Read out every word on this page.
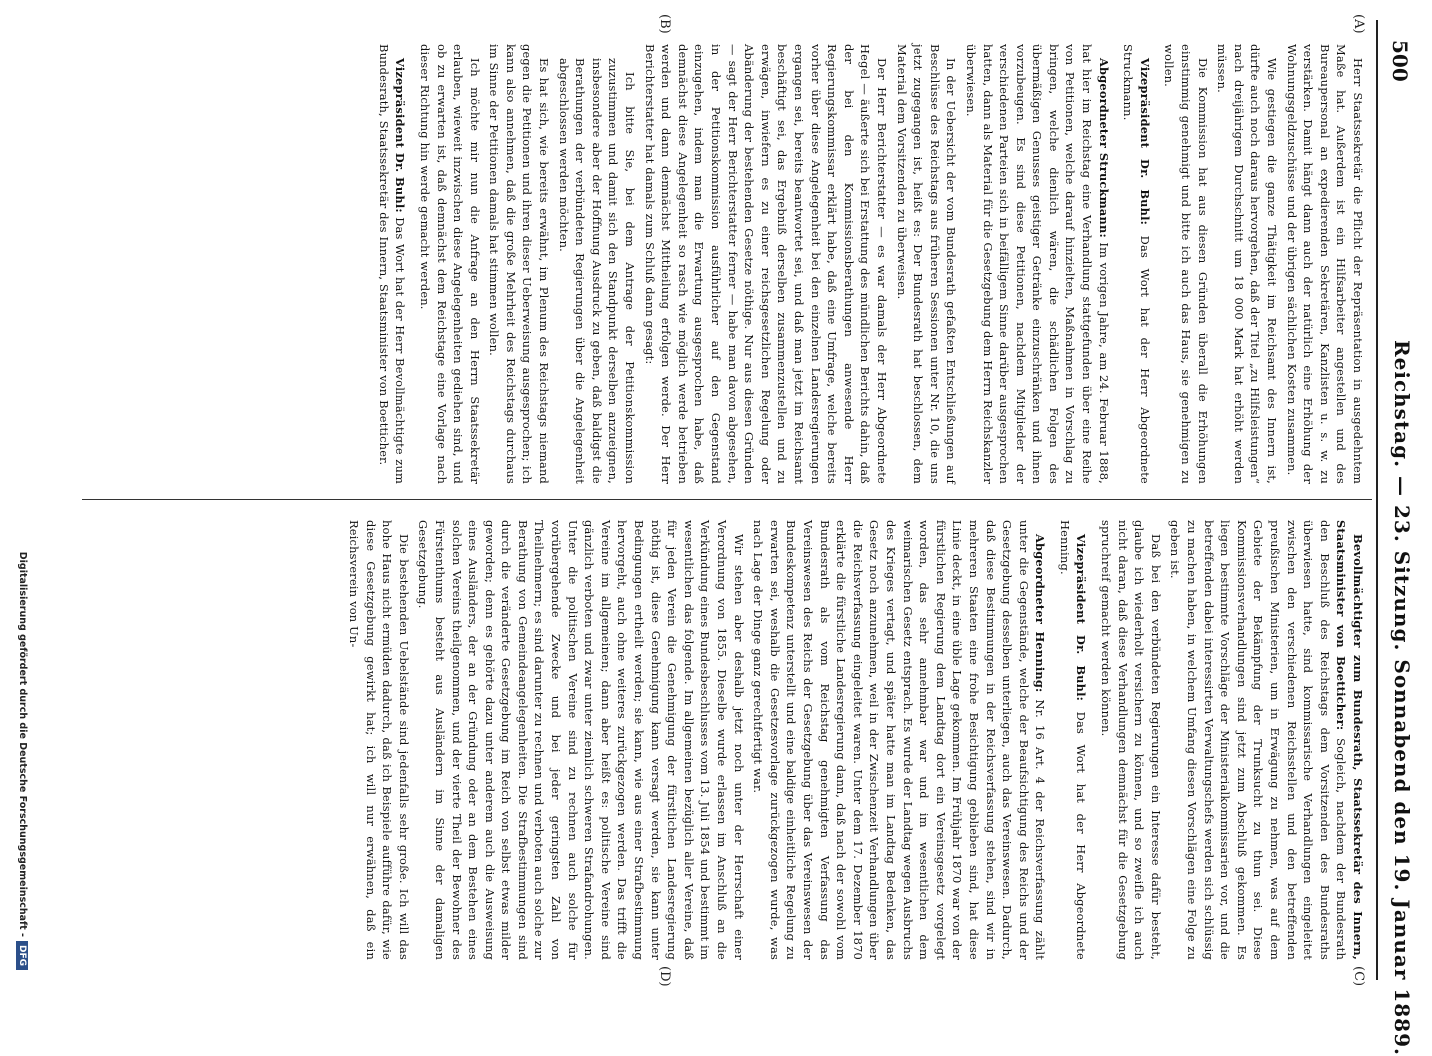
500
Reichstag. — 23. Sitzung. Sonnabend den 19. Januar 1889.
(A)
(B)
(C)
(D)

Herr Staatssekretär die Pflicht der Repräsentation in ausgedehntem Maße hat. Außerdem ist ein Hilfsarbeiter angestellen und des Bureaupersonal an expedierenden Sekretären, Kanzlisten u. s. w. zu verstärken. Damit hängt dann auch der natürlich eine Erhöhung der Wohnungsgeldzuschüsse und der übrigen sächlichen Kosten zusammen.

Wie gestiegen die ganze Thätigkeit im Reichsamt des Innern ist, dürfte auch noch daraus hervorgehen, daß der Titel „zu Hilfsleistungen“ nach dreijährigem Durchschnitt um 18 000 Mark hat erhöht werden müssen.

Die Kommission hat aus diesen Gründen überall die Erhöhungen einstimmig genehmigt und bitte ich auch das Haus, sie genehmigen zu wollen.

Vizepräsident Dr. Buhl: Das Wort hat der Herr Abgeordnete Struckmann.

Abgeordneter Struckmann: Im vorigen Jahre, am 24. Februar 1888, hat hier im Reichstag eine Verhandlung stattgefunden über eine Reihe von Petitionen, welche darauf hinzielten, Maßnahmen in Vorschlag zu bringen, welche dienlich wären, die schädlichen Folgen des übermäßigen Genusses geistiger Getränke einzuschränken und ihnen vorzubeugen. Es sind diese Petitionen, nachdem Mitglieder der verschiedenen Parteien sich in beifälligem Sinne darüber ausgesprochen hatten, dann als Material für die Gesetzgebung dem Herrn Reichskanzler überwiesen.

In der Uebersicht der vom Bundesrath gefaßten Entschließungen auf Beschlüsse des Reichstags aus früheren Sessionen unter Nr. 10, die uns jetzt zugegangen ist, heißt es: Der Bundesrath hat beschlossen, dem Material dem Vorsitzenden zu überweisen.

Der Herr Berichterstatter — es war damals der Herr Abgeordnete Hegel — äußerte sich bei Erstattung des mündlichen Berichts dahin, daß der bei den Kommissionsberathungen anwesende Herr Regierungskommissar erklärt habe, daß eine Umfrage, welche bereits vorher über diese Angelegenheit bei den einzelnen Landesregierungen ergangen sei, bereits beantwortet sei, und daß man jetzt im Reichsamt beschäftigt sei, das Ergebniß derselben zusammenzustellen und zu erwägen, inwiefern es zu einer reichsgesetzlichen Regelung oder Abänderung der bestehenden Gesetze nöthige. Nur aus diesen Gründen — sagt der Herr Berichterstatter ferner — habe man davon abgesehen, in der Petitionskommission ausführlicher auf den Gegenstand einzugehen, indem man die Erwartung ausgesprochen habe, daß demnächst diese Angelegenheit so rasch wie möglich werde betrieben werden und dann demnächst Mittheilung erfolgen werde. Der Herr Berichterstatter hat damals zum Schluß dann gesagt:

Ich bitte Sie, bei dem Antrage der Petitionskommission zuzustimmen und damit sich den Standpunkt derselben anzueignen, insbesondere aber der Hoffnung Ausdruck zu geben, daß baldigst die Berathungen der verbündeten Regierungen über die Angelegenheit abgeschlossen werden möchten.

Es hat sich, wie bereits erwähnt, im Plenum des Reichstags niemand gegen die Petitionen und ihren dieser Ueberweisung ausgesprochen; ich kann also annehmen, daß die große Mehrheit des Reichstags durchaus im Sinne der Petitionen damals hat stimmen wollen.

Ich möchte mir nun die Anfrage an den Herrn Staatssekretär erlauben, wieweit inzwischen diese Angelegenheiten gediehen sind, und ob zu erwarten ist, daß demnächst dem Reichstage eine Vorlage nach dieser Richtung hin werde gemacht werden.

Vizepräsident Dr. Buhl: Das Wort hat der Herr Bevollmächtigte zum Bundesrath, Staatssekretär des Innern, Staatsminister von Boetticher.

Bevollmächtigter zum Bundesrath, Staatssekretär des Innern, Staatsminister von Boetticher: Sogleich, nachdem der Bundesrath den Beschluß des Reichstags dem Vorsitzenden des Bundesraths überwiesen hatte, sind kommissarische Verhandlungen eingeleitet zwischen den verschiedenen Reichsstellen und den betreffenden preußischen Ministerien, um in Erwägung zu nehmen, was auf dem Gebiete der Bekämpfung der Trunksucht zu thun sei. Diese Kommissionsverhandlungen sind jetzt zum Abschluß gekommen. Es liegen bestimmte Vorschläge der Ministerialkommissarien vor, und die betreffenden dabei interessirten Verwaltungschefs werden sich schlüssig zu machen haben, in welchem Umfang diesen Vorschlägen eine Folge zu geben ist.

Daß bei den verbündeten Regierungen ein Interesse dafür besteht, glaube ich wiederholt versichern zu können, und so zweifle ich auch nicht daran, daß diese Verhandlungen demnächst für die Gesetzgebung spruchreif gemacht werden können.

Vizepräsident Dr. Buhl: Das Wort hat der Herr Abgeordnete Henning.

Abgeordneter Henning: Nr. 16 Art. 4 der Reichsverfassung zählt unter die Gegenstände, welche der Beaufsichtigung des Reichs und der Gesetzgebung desselben unterliegen, auch das Vereinswesen. Dadurch, daß diese Bestimmungen in der Reichsverfassung stehen, sind wir in mehreren Staaten eine frohe Besichtigung geblieben sind, hat diese Linie deckt, in eine üble Lage gekommen. Im Frühjahr 1870 war von der fürstlichen Regierung dem Landtag dort ein Vereinsgesetz vorgelegt worden, das sehr annehmbar war und im wesentlichen dem weimarischen Gesetz entsprach. Es wurde der Landtag wegen Ausbruchs des Krieges vertagt, und später hatte man im Landtag Bedenken, das Gesetz noch anzunehmen, weil in der Zwischenzeit Verhandlungen über die Reichsverfassung eingeleitet waren. Unter dem 17. Dezember 1870 erklärte die fürstliche Landesregierung dann, daß nach der sowohl vom Bundesrath als vom Reichstag genehmigten Verfassung das Vereinswesen des Reichs der Gesetzgebung über das Vereinswesen der Bundeskompetenz unterstellt und eine baldige einheitliche Regelung zu erwarten sei, weshalb die Gesetzesvorlage zurückgezogen wurde, was nach Lage der Dinge ganz gerechtfertigt war.

Wir stehen aber deshalb jetzt noch unter der Herrschaft einer Verordnung von 1855. Dieselbe wurde erlassen im Anschluß an die Verkündung eines Bundesbeschlusses vom 13. Juli 1854 und bestimmt im wesentlichen das folgende. Im allgemeinen bezüglich aller Vereine, daß für jeden Verein die Genehmigung der fürstlichen Landesregierung nöthig ist, diese Genehmigung kann versagt werden, sie kann unter Bedingungen ertheilt werden; sie kann, wie aus einer Strafbestimmung hervorgeht, auch ohne weiteres zurückgezogen werden. Das trifft die Vereine im allgemeinen; dann aber heißt es: politische Vereine sind gänzlich verboten und zwar unter ziemlich schweren Strafandrohungen. Unter die politischen Vereine sind zu rechnen auch solche für vorübergehende Zwecke und bei jeder geringsten Zahl von Theilnehmern; es sind darunter zu rechnen und verboten auch solche zur Berathung von Gemeindeangelegenheiten. Die Strafbestimmungen sind durch die veränderte Gesetzgebung im Reich von selbst etwas milder geworden; denn es gehörte dazu unter anderem auch die Ausweisung eines Ausländers, der an der Gründung oder an dem Bestehen eines solchen Vereins theilgenommen, und der vierte Theil der Bewohner des Fürstenthums besteht aus Ausländern im Sinne der damaligen Gesetzgebung.

Die bestehenden Uebelstände sind jedenfalls sehr große. Ich will das hohe Haus nicht ermüden dadurch, daß ich Beispiele aufführe dafür, wie diese Gesetzgebung gewirkt hat; ich will nur erwähnen, daß ein Reichsverein von Un-

Digitalisierung gefördert durch die Deutsche Forschungsgemeinschaft -DFG
